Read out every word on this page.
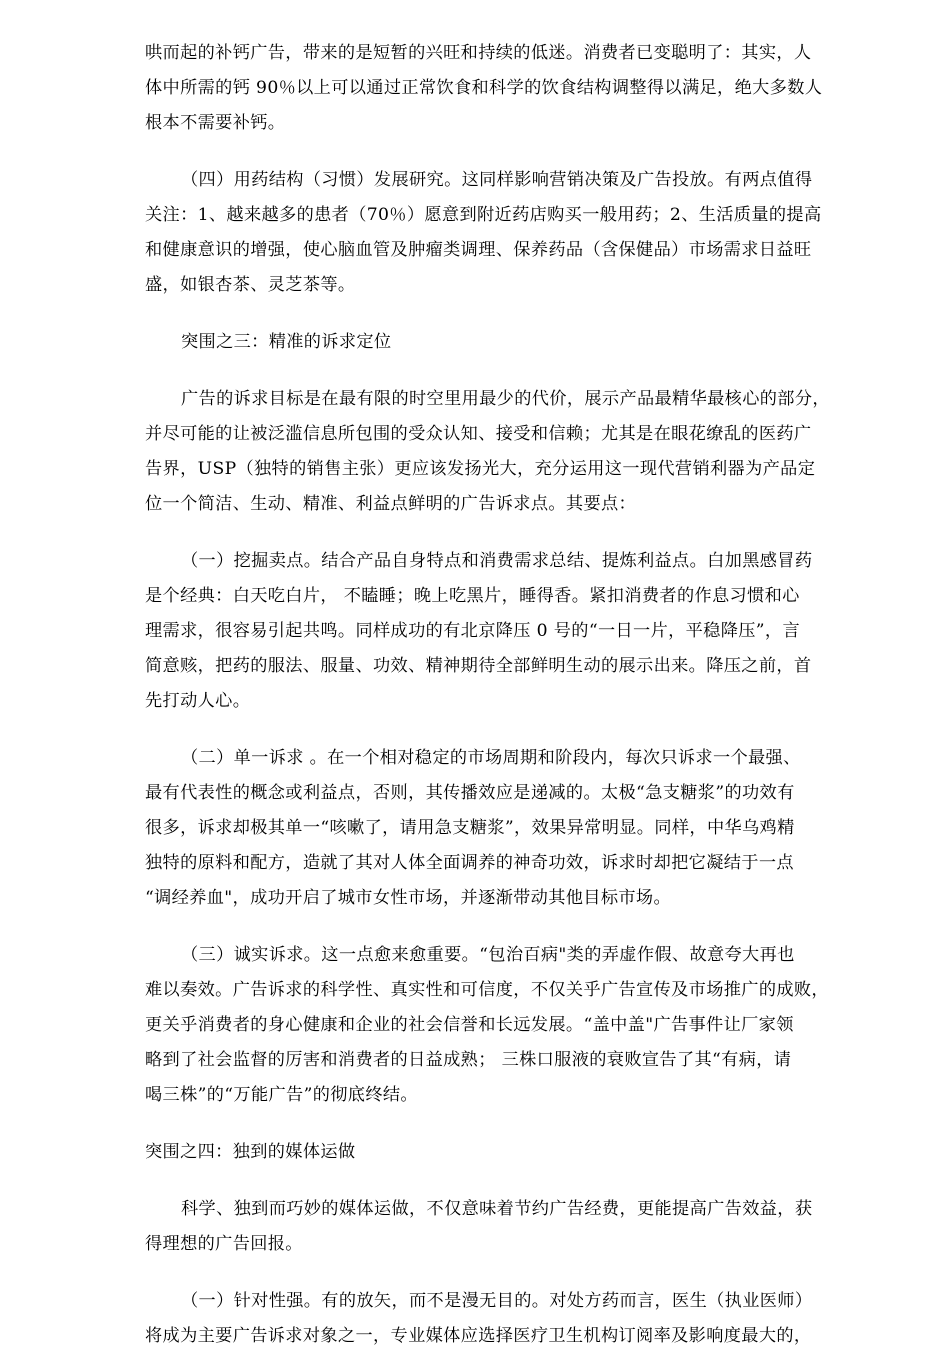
哄而起的补钙广告，带来的是短暂的兴旺和持续的低迷。消费者已变聪明了：其实，人
体中所需的钙 90％以上可以通过正常饮食和科学的饮食结构调整得以满足，绝大多数人
根本不需要补钙。
（四）用药结构（习惯）发展研究。这同样影响营销决策及广告投放。有两点值得
关注：1、越来越多的患者（70％）愿意到附近药店购买一般用药；2、生活质量的提高
和健康意识的增强，使心脑血管及肿瘤类调理、保养药品（含保健品）市场需求日益旺
盛，如银杏茶、灵芝茶等。
突围之三：精准的诉求定位
广告的诉求目标是在最有限的时空里用最少的代价，展示产品最精华最核心的部分，
并尽可能的让被泛滥信息所包围的受众认知、接受和信赖；尤其是在眼花缭乱的医药广
告界，USP（独特的销售主张）更应该发扬光大，充分运用这一现代营销利器为产品定
位一个简洁、生动、精准、利益点鲜明的广告诉求点。其要点：
（一）挖掘卖点。结合产品自身特点和消费需求总结、提炼利益点。白加黑感冒药
是个经典：白天吃白片， 不瞌睡；晚上吃黑片，睡得香。紧扣消费者的作息习惯和心
理需求，很容易引起共鸣。同样成功的有北京降压 0 号的“一日一片，平稳降压”，言
简意赅，把药的服法、服量、功效、精神期待全部鲜明生动的展示出来。降压之前，首
先打动人心。
（二）单一诉求 。在一个相对稳定的市场周期和阶段内，每次只诉求一个最强、
最有代表性的概念或利益点，否则，其传播效应是递减的。太极“急支糖浆”的功效有
很多，诉求却极其单一“咳嗽了，请用急支糖浆”，效果异常明显。同样，中华乌鸡精
独特的原料和配方，造就了其对人体全面调养的神奇功效，诉求时却把它凝结于一点
“调经养血"，成功开启了城市女性市场，并逐渐带动其他目标市场。
（三）诚实诉求。这一点愈来愈重要。“包治百病"类的弄虚作假、故意夸大再也
难以奏效。广告诉求的科学性、真实性和可信度，不仅关乎广告宣传及市场推广的成败，
更关乎消费者的身心健康和企业的社会信誉和长远发展。“盖中盖"广告事件让厂家领
略到了社会监督的厉害和消费者的日益成熟； 三株口服液的衰败宣告了其“有病，请
喝三株”的“万能广告”的彻底终结。
突围之四：独到的媒体运做
科学、独到而巧妙的媒体运做，不仅意味着节约广告经费，更能提高广告效益，获
得理想的广告回报。
（一）针对性强。有的放矢，而不是漫无目的。对处方药而言，医生（执业医师）
将成为主要广告诉求对象之一，专业媒体应选择医疗卫生机构订阅率及影响度最大的，
